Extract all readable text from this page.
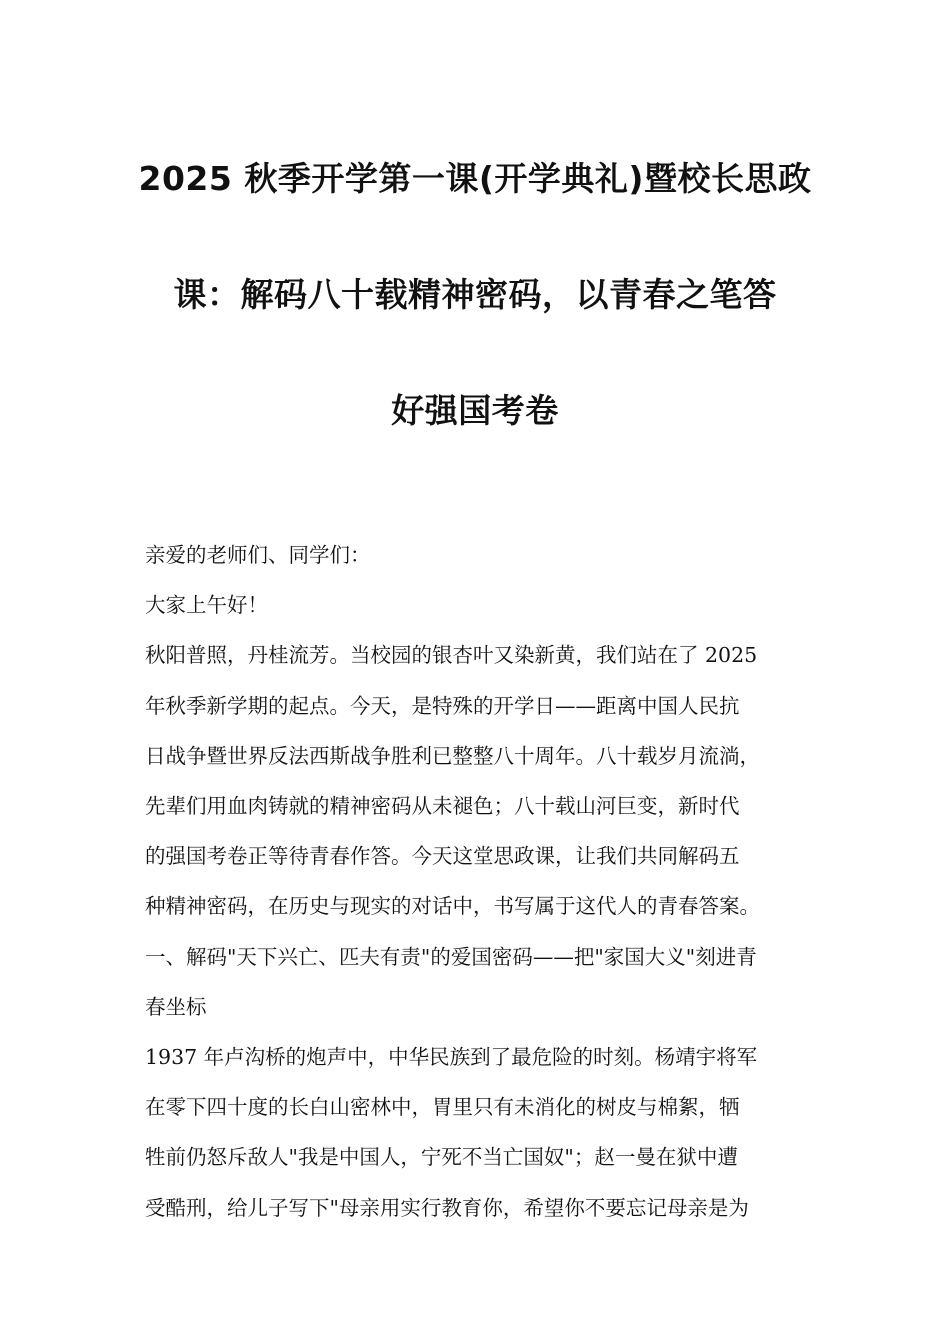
2025 秋季开学第一课(开学典礼)暨校长思政
课：解码八十载精神密码，以青春之笔答
好强国考卷

亲爱的老师们、同学们：

大家上午好！

秋阳普照，丹桂流芳。当校园的银杏叶又染新黄，我们站在了 2025

年秋季新学期的起点。今天，是特殊的开学日——距离中国人民抗

日战争暨世界反法西斯战争胜利已整整八十周年。八十载岁月流淌，

先辈们用血肉铸就的精神密码从未褪色；八十载山河巨变，新时代

的强国考卷正等待青春作答。今天这堂思政课，让我们共同解码五

种精神密码，在历史与现实的对话中，书写属于这代人的青春答案。

一、解码"天下兴亡、匹夫有责"的爱国密码——把"家国大义"刻进青

春坐标

1937 年卢沟桥的炮声中，中华民族到了最危险的时刻。杨靖宇将军

在零下四十度的长白山密林中，胃里只有未消化的树皮与棉絮，牺

牲前仍怒斥敌人"我是中国人，宁死不当亡国奴"；赵一曼在狱中遭

受酷刑，给儿子写下"母亲用实行教育你，希望你不要忘记母亲是为
